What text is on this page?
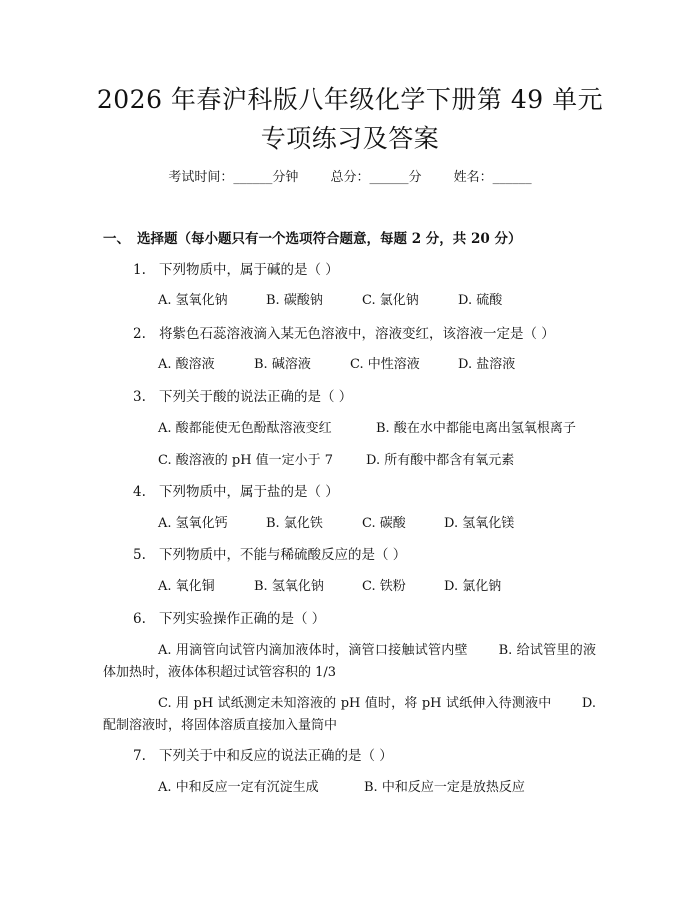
2026 年春沪科版八年级化学下册第 49 单元
专项练习及答案
考试时间：______分钟 总分：______分 姓名：______
一、 选择题（每小题只有一个选项符合题意，每题 2 分，共 20 分）
1. 下列物质中，属于碱的是（ ）
A. 氢氧化钠	B. 碳酸钠	C. 氯化钠	D. 硫酸
2. 将紫色石蕊溶液滴入某无色溶液中，溶液变红，该溶液一定是（ ）
A. 酸溶液	B. 碱溶液	C. 中性溶液	D. 盐溶液
3. 下列关于酸的说法正确的是（ ）
A. 酸都能使无色酚酞溶液变红	B. 酸在水中都能电离出氢氧根离子
C. 酸溶液的 pH 值一定小于 7	D. 所有酸中都含有氧元素
4. 下列物质中，属于盐的是（ ）
A. 氢氧化钙	B. 氯化铁	C. 碳酸	D. 氢氧化镁
5. 下列物质中，不能与稀硫酸反应的是（ ）
A. 氧化铜	B. 氢氧化钠	C. 铁粉	D. 氯化钠
6. 下列实验操作正确的是（ ）
A. 用滴管向试管内滴加液体时，滴管口接触试管内壁 B. 给试管里的液体加热时，液体体积超过试管容积的 1/3
C. 用 pH 试纸测定未知溶液的 pH 值时，将 pH 试纸伸入待测液中 D. 配制溶液时，将固体溶质直接加入量筒中
7. 下列关于中和反应的说法正确的是（ ）
A. 中和反应一定有沉淀生成	B. 中和反应一定是放热反应
